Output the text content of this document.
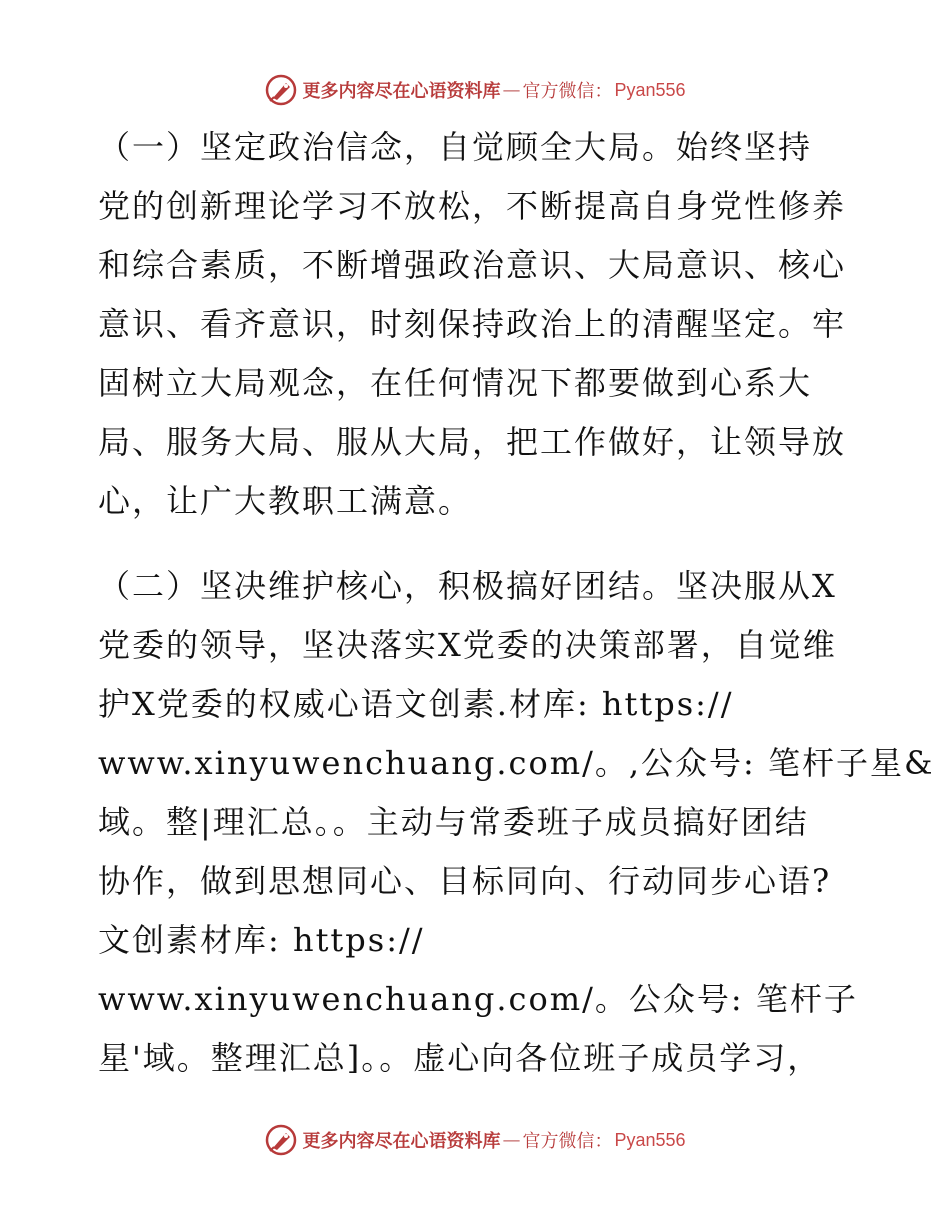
更多内容尽在心语资料库 — 官方微信 ： Pyan556
（一）坚定政治信念，自觉顾全大局。始终坚持
党的创新理论学习不放松，不断提高自身党性修养
和综合素质，不断增强政治意识、大局意识、核心
意识、看齐意识，时刻保持政治上的清醒坚定。牢
固树立大局观念，在任何情况下都要做到心系大
局、服务大局、服从大局，把工作做好，让领导放
心，让广大教职工满意。
（二）坚决维护核心，积极搞好团结。坚决服从X
党委的领导，坚决落实X党委的决策部署，自觉维
护X党委的权威心语文创素.材库: https://
www.xinyuwenchuang.com/。,公众号: 笔杆子星&
域。整|理汇总。。主动与常委班子成员搞好团结
协作，做到思想同心、目标同向、行动同步心语?
文创素材库: https://
www.xinyuwenchuang.com/。公众号: 笔杆子
星'域。整理汇总]。。虚心向各位班子成员学习，
更多内容尽在心语资料库 — 官方微信 ： Pyan556
